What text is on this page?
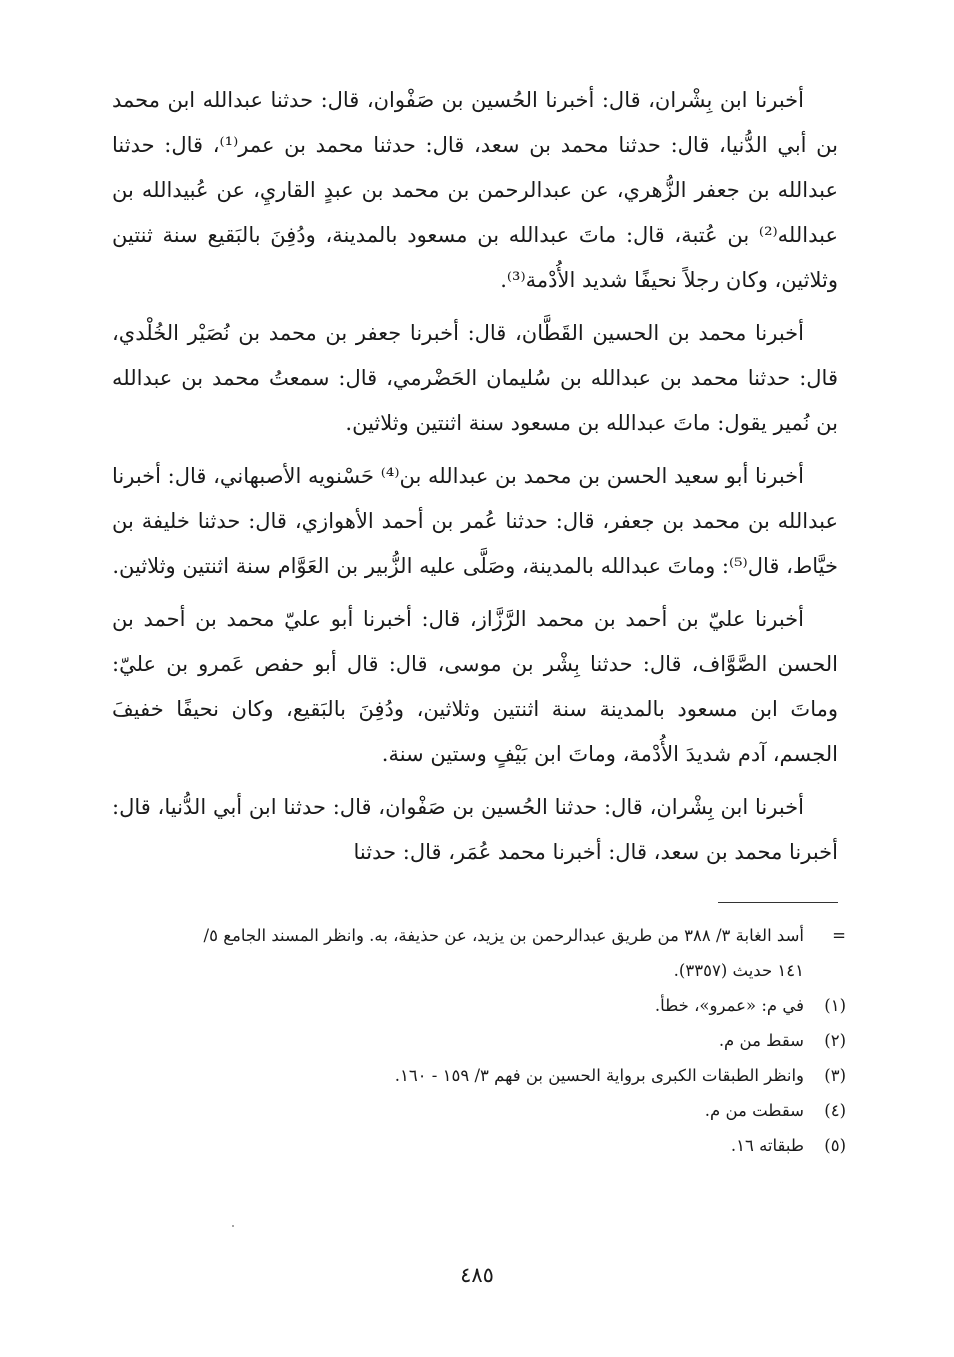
أخبرنا ابن بِشْران، قال: أخبرنا الحُسين بن صَفْوان، قال: حدثنا عبدالله ابن محمد بن أبي الدُّنيا، قال: حدثنا محمد بن سعد، قال: حدثنا محمد بن عمر⁽¹⁾، قال: حدثنا عبدالله بن جعفر الزُّهري، عن عبدالرحمن بن محمد بن عبدٍ القاريِ، عن عُبيدالله بن عبدالله⁽²⁾ بن عُتبة، قال: ماتَ عبدالله بن مسعود بالمدينة، ودُفِنَ بالبَقيع سنة ثنتين وثلاثين، وكان رجلاً نحيفًا شديد الأُدْمة⁽³⁾.

أخبرنا محمد بن الحسين القَطَّان، قال: أخبرنا جعفر بن محمد بن نُصَيْر الخُلْدي، قال: حدثنا محمد بن عبدالله بن سُليمان الحَضْرمي، قال: سمعتُ محمد بن عبدالله بن نُمير يقول: ماتَ عبدالله بن مسعود سنة اثنتين وثلاثين.

أخبرنا أبو سعيد الحسن بن محمد بن عبدالله بن⁽⁴⁾ حَسْنويه الأصبهاني، قال: أخبرنا عبدالله بن محمد بن جعفر، قال: حدثنا عُمر بن أحمد الأهوازي، قال: حدثنا خليفة بن خيَّاط، قال⁽⁵⁾: وماتَ عبدالله بالمدينة، وصَلَّى عليه الزُّبير بن العَوَّام سنة اثنتين وثلاثين.

أخبرنا عليّ بن أحمد بن محمد الرَّزَّاز، قال: أخبرنا أبو عليّ محمد بن أحمد بن الحسن الصَّوَّاف، قال: حدثنا بِشْر بن موسى، قال: قال أبو حفص عَمرو بن عليّ: وماتَ ابن مسعود بالمدينة سنة اثنتين وثلاثين، ودُفِنَ بالبَقيع، وكان نحيفًا خفيفَ الجسم، آدم شديدَ الأُدْمة، وماتَ ابن بَيْفٍ وستين سنة.

أخبرنا ابن بِشْران، قال: حدثنا الحُسين بن صَفْوان، قال: حدثنا ابن أبي الدُّنيا، قال: أخبرنا محمد بن سعد، قال: أخبرنا محمد عُمَر، قال: حدثنا

=
أسد الغابة ٣/ ٣٨٨ من طريق عبدالرحمن بن يزيد، عن حذيفة، به. وانظر المسند الجامع ٥/ ١٤١ حديث (٣٣٥٧).
(١)
في م: «عمرو»، خطأ.
(٢)
سقط من م.
(٣)
وانظر الطبقات الكبرى برواية الحسين بن فهم ٣/ ١٥٩ - ١٦٠.
(٤)
سقطت من م.
(٥)
طبقاته ١٦.
٤٨٥
